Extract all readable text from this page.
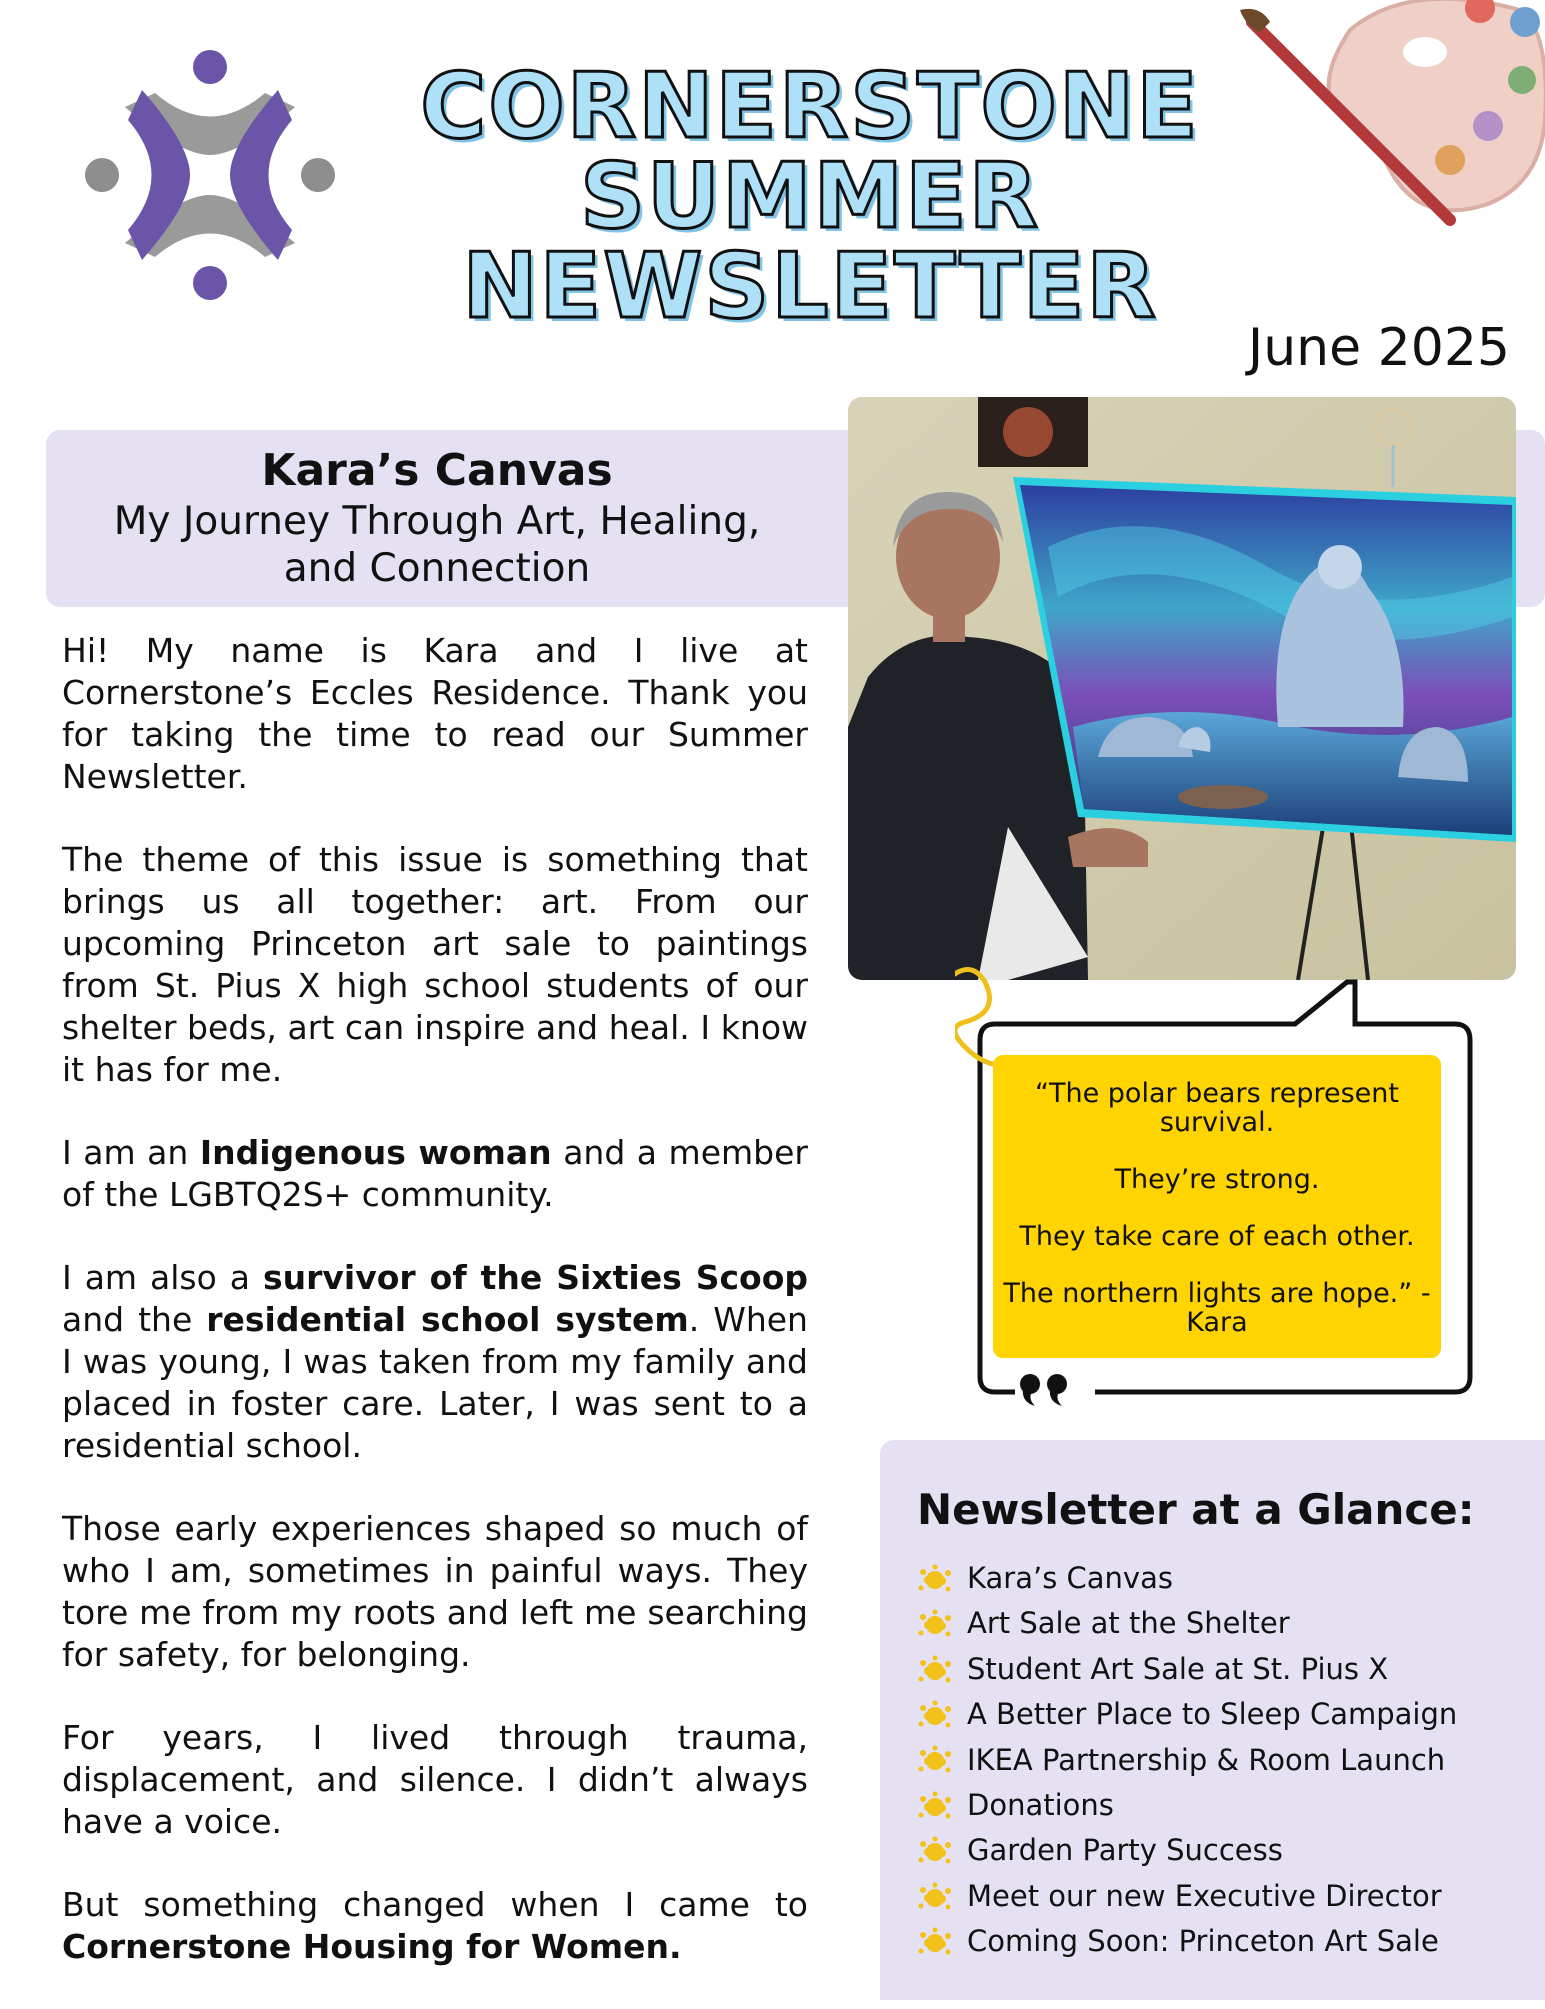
CORNERSTONE
SUMMER
NEWSLETTER
June 2025
Kara’s Canvas
My Journey Through Art, Healing,
and Connection

Hi! My name is Kara and I live at Cornerstone’s Eccles Residence. Thank you for taking the time to read our Summer Newsletter.

The theme of this issue is something that brings us all together: art. From our upcoming Princeton art sale to paintings from St. Pius X high school students of our shelter beds, art can inspire and heal. I know it has for me.

I am an Indigenous woman and a member of the LGBTQ2S+ community.

I am also a survivor of the Sixties Scoop and the residential school system. When I was young, I was taken from my family and placed in foster care. Later, I was sent to a residential school.

Those early experiences shaped so much of who I am, sometimes in painful ways. They tore me from my roots and left me searching for safety, for belonging.

For years, I lived through trauma, displacement, and silence. I didn’t always have a voice.

But something changed when I came to Cornerstone Housing for Women.

“The polar bears represent survival.

They’re strong.

They take care of each other.

The northern lights are hope.” - Kara

Newsletter at a Glance:
Kara’s Canvas
Art Sale at the Shelter
Student Art Sale at St. Pius X
A Better Place to Sleep Campaign
IKEA Partnership & Room Launch
Donations
Garden Party Success
Meet our new Executive Director
Coming Soon: Princeton Art Sale
